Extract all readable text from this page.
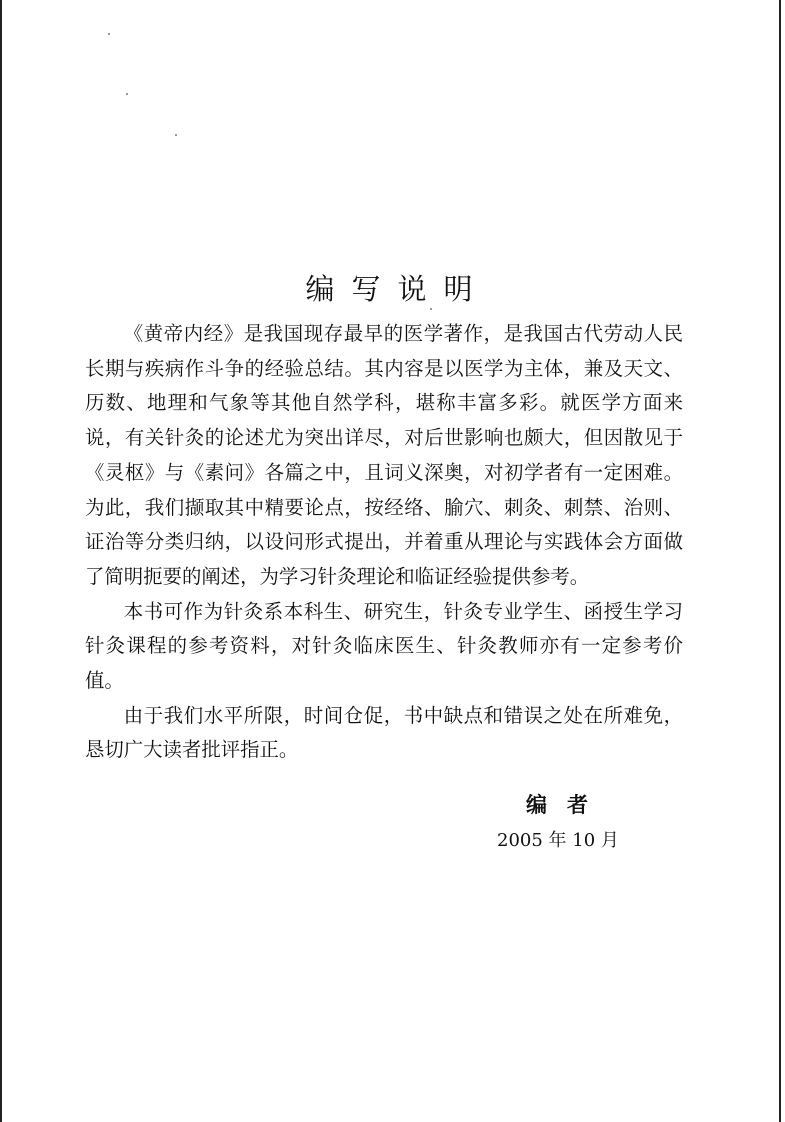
编写说明

《黄帝内经》是我国现存最早的医学著作，是我国古代劳动人民长期与疾病作斗争的经验总结。其内容是以医学为主体，兼及天文、历数、地理和气象等其他自然学科，堪称丰富多彩。就医学方面来说，有关针灸的论述尤为突出详尽，对后世影响也颇大，但因散见于《灵枢》与《素问》各篇之中，且词义深奥，对初学者有一定困难。为此，我们撷取其中精要论点，按经络、腧穴、刺灸、刺禁、治则、证治等分类归纳，以设问形式提出，并着重从理论与实践体会方面做了简明扼要的阐述，为学习针灸理论和临证经验提供参考。

本书可作为针灸系本科生、研究生，针灸专业学生、函授生学习针灸课程的参考资料，对针灸临床医生、针灸教师亦有一定参考价值。

由于我们水平所限，时间仓促，书中缺点和错误之处在所难免，恳切广大读者批评指正。

编者
2005 年 10 月
